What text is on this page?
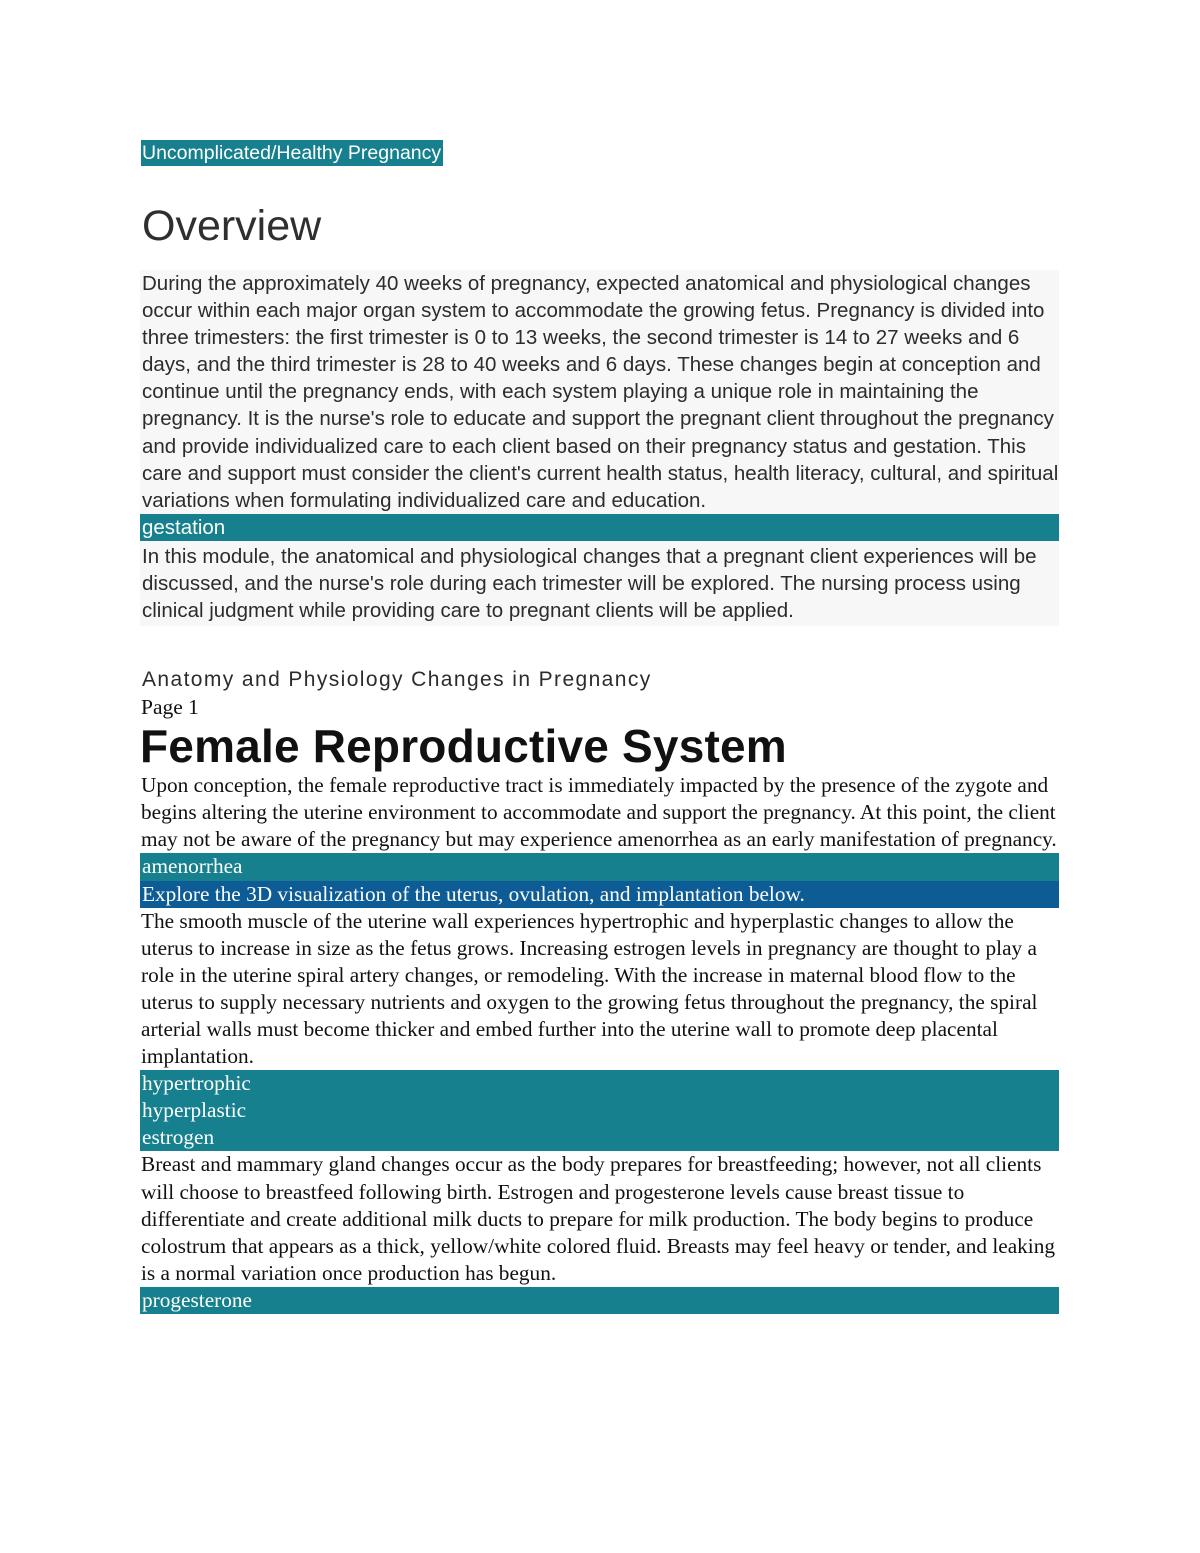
Uncomplicated/Healthy Pregnancy
Overview

During the approximately 40 weeks of pregnancy, expected anatomical and physiological changes occur within each major organ system to accommodate the growing fetus. Pregnancy is divided into three trimesters: the first trimester is 0 to 13 weeks, the second trimester is 14 to 27 weeks and 6 days, and the third trimester is 28 to 40 weeks and 6 days. These changes begin at conception and continue until the pregnancy ends, with each system playing a unique role in maintaining the pregnancy. It is the nurse's role to educate and support the pregnant client throughout the pregnancy and provide individualized care to each client based on their pregnancy status and gestation. This care and support must consider the client's current health status, health literacy, cultural, and spiritual variations when formulating individualized care and education.

gestation

In this module, the anatomical and physiological changes that a pregnant client experiences will be discussed, and the nurse's role during each trimester will be explored. The nursing process using clinical judgment while providing care to pregnant clients will be applied.

Anatomy and Physiology Changes in Pregnancy
Page 1
Female Reproductive System

Upon conception, the female reproductive tract is immediately impacted by the presence of the zygote and begins altering the uterine environment to accommodate and support the pregnancy. At this point, the client may not be aware of the pregnancy but may experience amenorrhea as an early manifestation of pregnancy.

amenorrhea
Explore the 3D visualization of the uterus, ovulation, and implantation below.

The smooth muscle of the uterine wall experiences hypertrophic and hyperplastic changes to allow the uterus to increase in size as the fetus grows. Increasing estrogen levels in pregnancy are thought to play a role in the uterine spiral artery changes, or remodeling. With the increase in maternal blood flow to the uterus to supply necessary nutrients and oxygen to the growing fetus throughout the pregnancy, the spiral arterial walls must become thicker and embed further into the uterine wall to promote deep placental implantation.

hypertrophic
hyperplastic
estrogen

Breast and mammary gland changes occur as the body prepares for breastfeeding; however, not all clients will choose to breastfeed following birth. Estrogen and progesterone levels cause breast tissue to differentiate and create additional milk ducts to prepare for milk production. The body begins to produce colostrum that appears as a thick, yellow/white colored fluid. Breasts may feel heavy or tender, and leaking is a normal variation once production has begun.

progesterone
